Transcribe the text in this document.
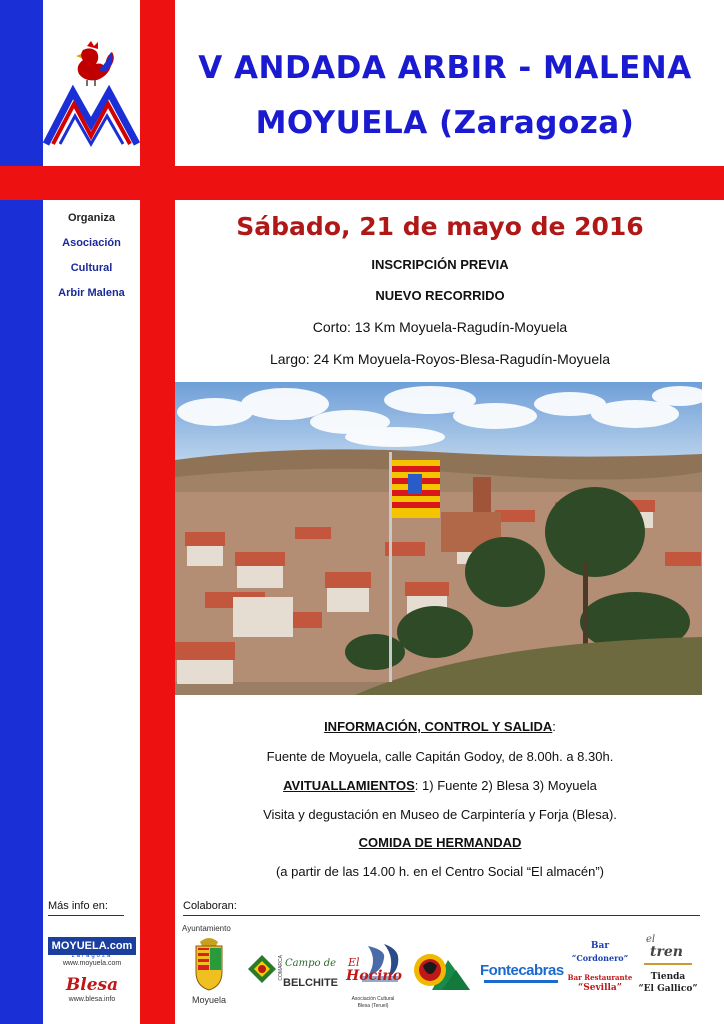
V ANDADA ARBIR - MALENA
MOYUELA (Zaragoza)
Organiza
Asociación
Cultural
Arbir Malena
Sábado, 21 de mayo de 2016
INSCRIPCIÓN PREVIA
NUEVO RECORRIDO
Corto: 13 Km Moyuela-Ragudín-Moyuela
Largo: 24 Km Moyuela-Royos-Blesa-Ragudín-Moyuela
INFORMACIÓN, CONTROL Y SALIDA:
Fuente de Moyuela, calle Capitán Godoy, de 8.00h. a 8.30h.
AVITUALLAMIENTOS: 1) Fuente 2) Blesa 3) Moyuela
Visita y degustación en Museo de Carpintería y Forja (Blesa).
COMIDA DE HERMANDAD
(a partir de las 14.00 h. en el Centro Social “El almacén”)
Más info en:	Colaboran:
MOYUELA.com
zaragoza
www.moyuela.com
Blesa
www.blesa.info
Ayuntamiento
Moyuela
COMARCA Campo de
BELCHITE
El
Hocino
Asociación Cultural
Blesa (Teruel)
Fontecabras
Bar
“Cordonero”
Bar Restaurante
“Sevilla”
el
tren
Tienda
“El Gallico”
